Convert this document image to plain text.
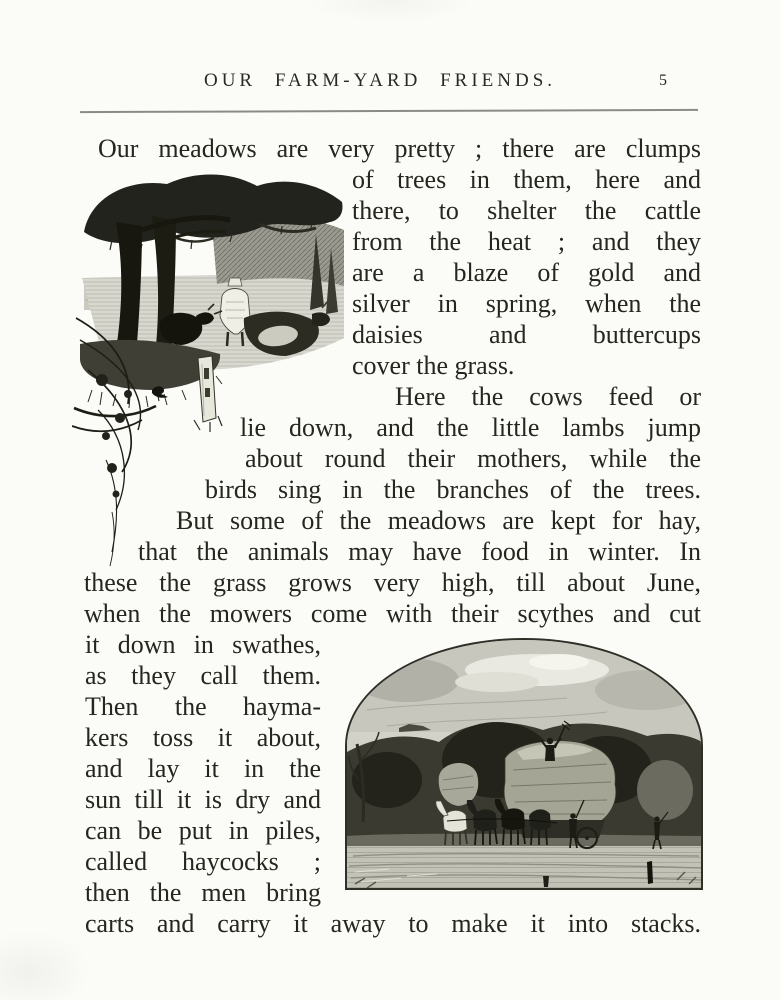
OUR FARM-YARD FRIENDS.	5
Our meadows are very pretty ; there are clumps
of trees in them, here and
there, to shelter the cattle
from the heat ; and they
are a blaze of gold and
silver in spring, when the
daisies and buttercups
cover the grass.
Here the cows feed or
lie down, and the little lambs jump
about round their mothers, while the
birds sing in the branches of the trees.
But some of the meadows are kept for hay,
that the animals may have food in winter. In
these the grass grows very high, till about June,
when the mowers come with their scythes and cut
it down in swathes,
as they call them.
Then the hayma-
kers toss it about,
and lay it in the
sun till it is dry and
can be put in piles,
called haycocks ;
then the men bring
carts and carry it away to make it into stacks.
